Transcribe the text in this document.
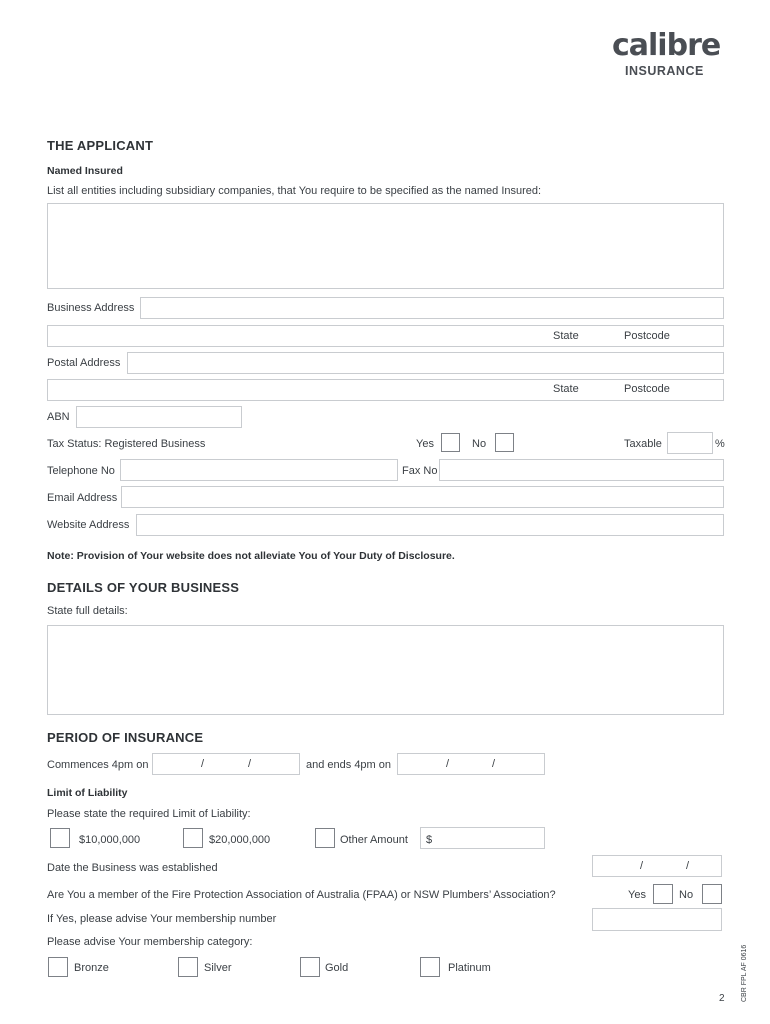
calibre
INSURANCE
THE APPLICANT
Named Insured
List all entities including subsidiary companies, that You require to be specified as the named Insured:
Business Address
State	Postcode
Postal Address
State	Postcode
ABN
Tax Status: Registered Business	Yes	No	Taxable	%
Telephone No	Fax No
Email Address
Website Address
Note: Provision of Your website does not alleviate You of Your Duty of Disclosure.
DETAILS OF YOUR BUSINESS
State full details:
PERIOD OF INSURANCE
Commences 4pm on	/	/	and ends 4pm on	/	/
Limit of Liability
Please state the required Limit of Liability:
$10,000,000	$20,000,000	Other Amount $
Date the Business was established	/	/
Are You a member of the Fire Protection Association of Australia (FPAA) or NSW Plumbers’ Association?	Yes	No
If Yes, please advise Your membership number
Please advise Your membership category:
Bronze	Silver	Gold	Platinum
2 CBR FPL AF 0616
